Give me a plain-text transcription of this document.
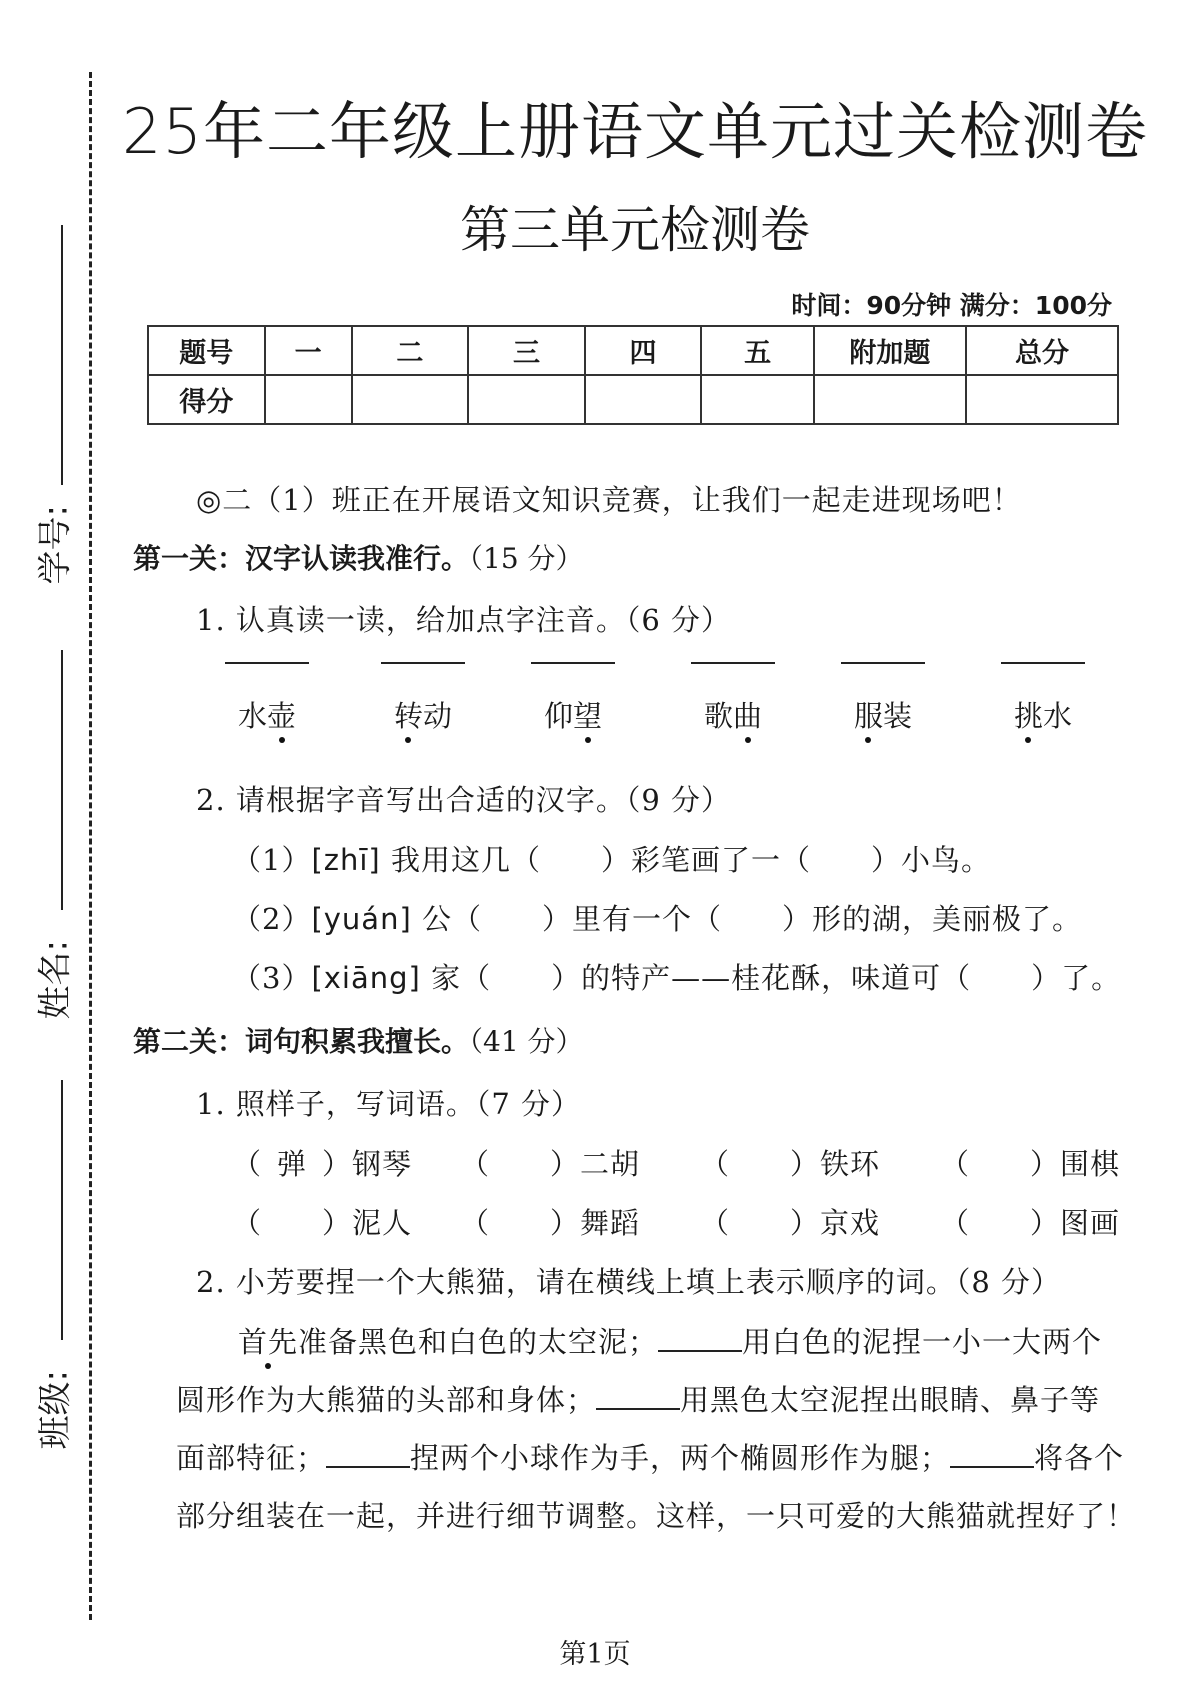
学号:
姓名:
班级:
25年二年级上册语文单元过关检测卷
第三单元检测卷
时间：90分钟 满分：100分
题号	一	二	三	四	五	附加题	总分
得分							
◎二（1）班正在开展语文知识竞赛，让我们一起走进现场吧！
第一关：汉字认读我准行。（15 分）
1. 认真读一读，给加点字注音。（6 分）
水壶	转动	仰望	歌曲	服装	挑水
2. 请根据字音写出合适的汉字。（9 分）
（1）[zhī] 我用这几（ ）彩笔画了一（ ）小鸟。
（2）[yuán] 公（ ）里有一个（ ）形的湖，美丽极了。
（3）[xiāng] 家（ ）的特产——桂花酥，味道可（ ）了。
第二关：词句积累我擅长。（41 分）
1. 照样子，写词语。（7 分）
（ 弹 ）钢琴 （ ）二胡 （ ）铁环 （ ）围棋
（ ）泥人 （ ）舞蹈 （ ）京戏 （ ）图画
2. 小芳要捏一个大熊猫，请在横线上填上表示顺序的词。（8 分）
首先准备黑色和白色的太空泥；	用白色的泥捏一小一大两个
圆形作为大熊猫的头部和身体；	用黑色太空泥捏出眼睛、鼻子等
面部特征；	捏两个小球作为手，两个椭圆形作为腿；	将各个
部分组装在一起，并进行细节调整。这样，一只可爱的大熊猫就捏好了！
第1页
